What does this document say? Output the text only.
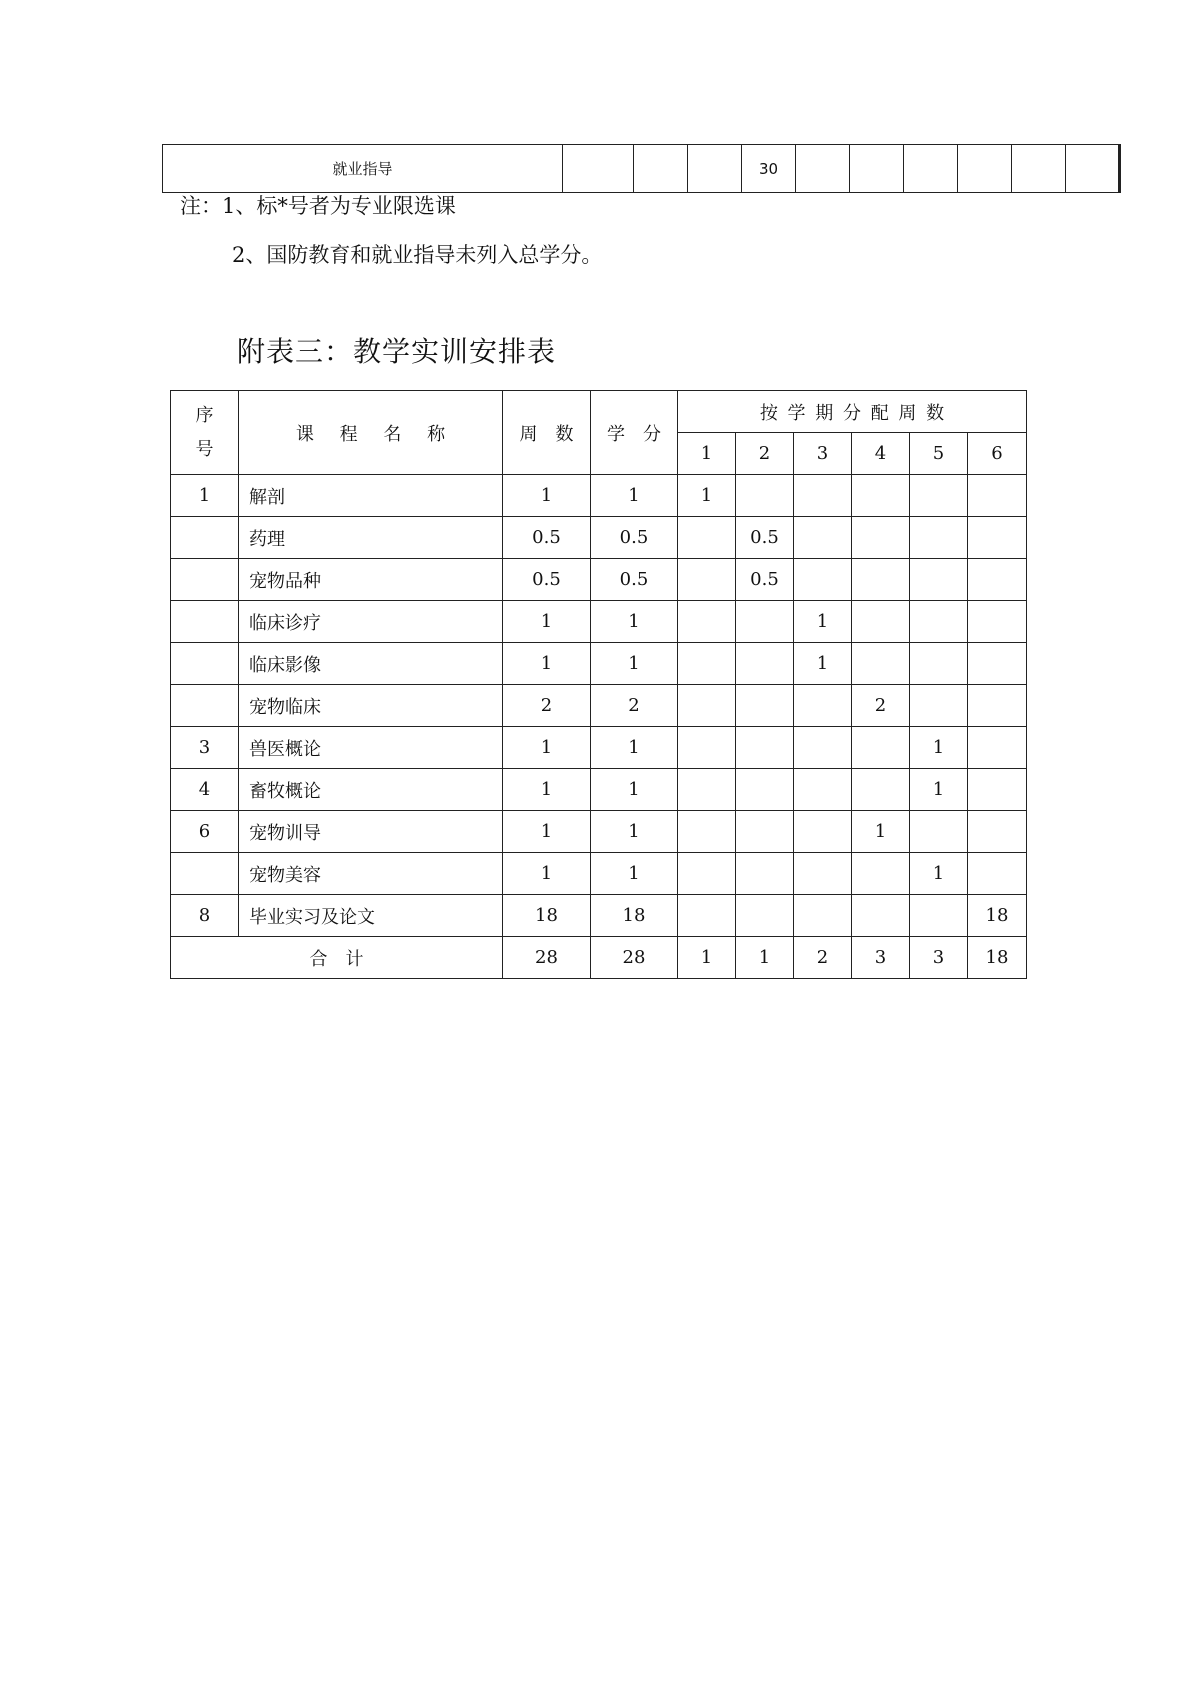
就业指导				30						
注：1、标*号者为专业限选课
2、国防教育和就业指导未列入总学分。
附表三：教学实训安排表
序
号	课 程 名 称	周　数	学　分	按 学 期 分 配 周 数					
				1	2	3	4	5	6
1	解剖	1	1	1					
	药理	0.5	0.5		0.5				
	宠物品种	0.5	0.5		0.5				
	临床诊疗	1	1			1			
	临床影像	1	1			1			
	宠物临床	2	2				2		
3	兽医概论	1	1					1	
4	畜牧概论	1	1					1	
6	宠物训导	1	1				1		
	宠物美容	1	1					1	
8	毕业实习及论文	18	18						18
合　计		28	28	1	1	2	3	3	18
